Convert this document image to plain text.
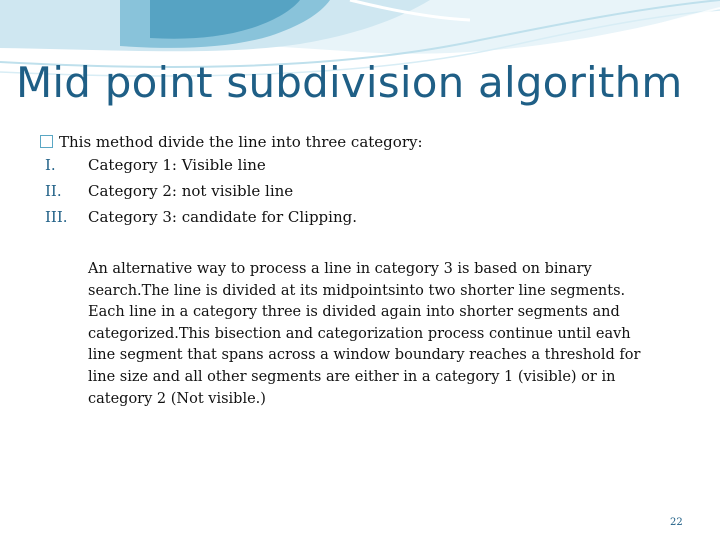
Mid point subdivision algorithm
This method divide the line into three category:
I. Category 1: Visible line
II. Category 2: not visible line
III. Category 3: candidate for Clipping.
An alternative way to process a line in category 3 is based on binary
search.The line is divided at its midpointsinto two shorter line segments.
Each line in a category three is divided again into shorter segments and
categorized.This bisection and categorization process continue until eavh
line segment that spans across a window boundary reaches a threshold for
line size and all other segments are either in a category 1 (visible) or in
category 2 (Not visible.)
22
